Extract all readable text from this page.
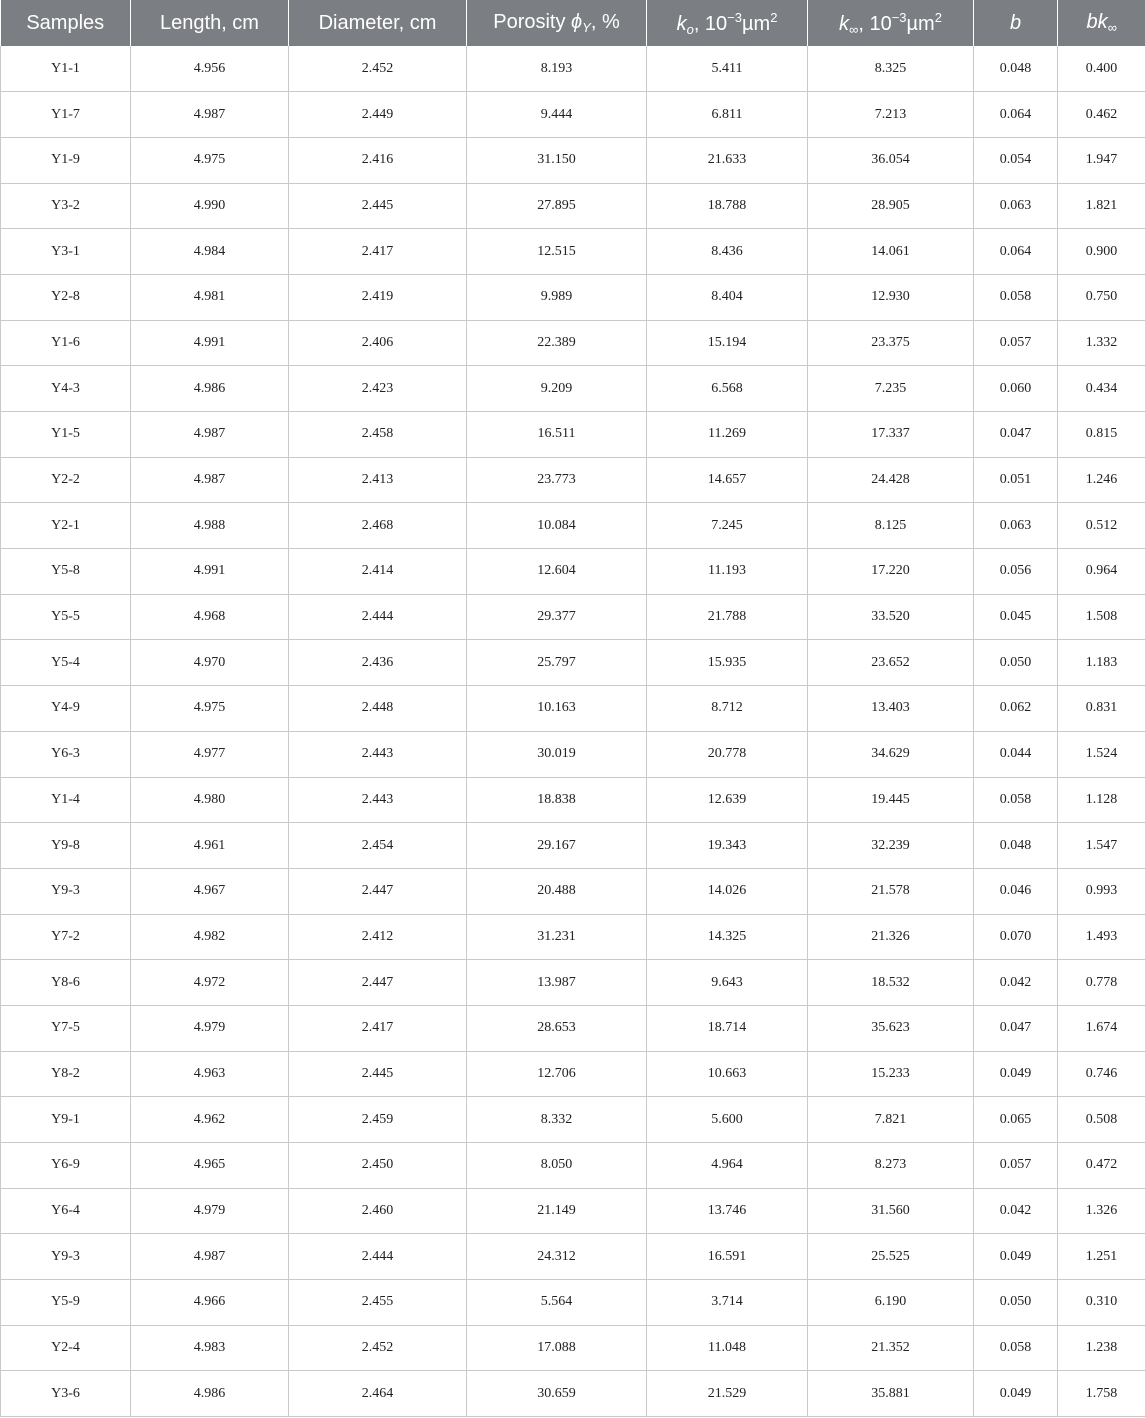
Samples	Length, cm	Diameter, cm	Porosity $\phi_Y$, %	$k_o$, $10^{-3}\mu m^2$	$k_\infty$, $10^{-3}\mu m^2$	b	$bk_\infty$
Y1-1	4.956	2.452	8.193	5.411	8.325	0.048	0.400
Y1-7	4.987	2.449	9.444	6.811	7.213	0.064	0.462
Y1-9	4.975	2.416	31.150	21.633	36.054	0.054	1.947
Y3-2	4.990	2.445	27.895	18.788	28.905	0.063	1.821
Y3-1	4.984	2.417	12.515	8.436	14.061	0.064	0.900
Y2-8	4.981	2.419	9.989	8.404	12.930	0.058	0.750
Y1-6	4.991	2.406	22.389	15.194	23.375	0.057	1.332
Y4-3	4.986	2.423	9.209	6.568	7.235	0.060	0.434
Y1-5	4.987	2.458	16.511	11.269	17.337	0.047	0.815
Y2-2	4.987	2.413	23.773	14.657	24.428	0.051	1.246
Y2-1	4.988	2.468	10.084	7.245	8.125	0.063	0.512
Y5-8	4.991	2.414	12.604	11.193	17.220	0.056	0.964
Y5-5	4.968	2.444	29.377	21.788	33.520	0.045	1.508
Y5-4	4.970	2.436	25.797	15.935	23.652	0.050	1.183
Y4-9	4.975	2.448	10.163	8.712	13.403	0.062	0.831
Y6-3	4.977	2.443	30.019	20.778	34.629	0.044	1.524
Y1-4	4.980	2.443	18.838	12.639	19.445	0.058	1.128
Y9-8	4.961	2.454	29.167	19.343	32.239	0.048	1.547
Y9-3	4.967	2.447	20.488	14.026	21.578	0.046	0.993
Y7-2	4.982	2.412	31.231	14.325	21.326	0.070	1.493
Y8-6	4.972	2.447	13.987	9.643	18.532	0.042	0.778
Y7-5	4.979	2.417	28.653	18.714	35.623	0.047	1.674
Y8-2	4.963	2.445	12.706	10.663	15.233	0.049	0.746
Y9-1	4.962	2.459	8.332	5.600	7.821	0.065	0.508
Y6-9	4.965	2.450	8.050	4.964	8.273	0.057	0.472
Y6-4	4.979	2.460	21.149	13.746	31.560	0.042	1.326
Y9-3	4.987	2.444	24.312	16.591	25.525	0.049	1.251
Y5-9	4.966	2.455	5.564	3.714	6.190	0.050	0.310
Y2-4	4.983	2.452	17.088	11.048	21.352	0.058	1.238
Y3-6	4.986	2.464	30.659	21.529	35.881	0.049	1.758
